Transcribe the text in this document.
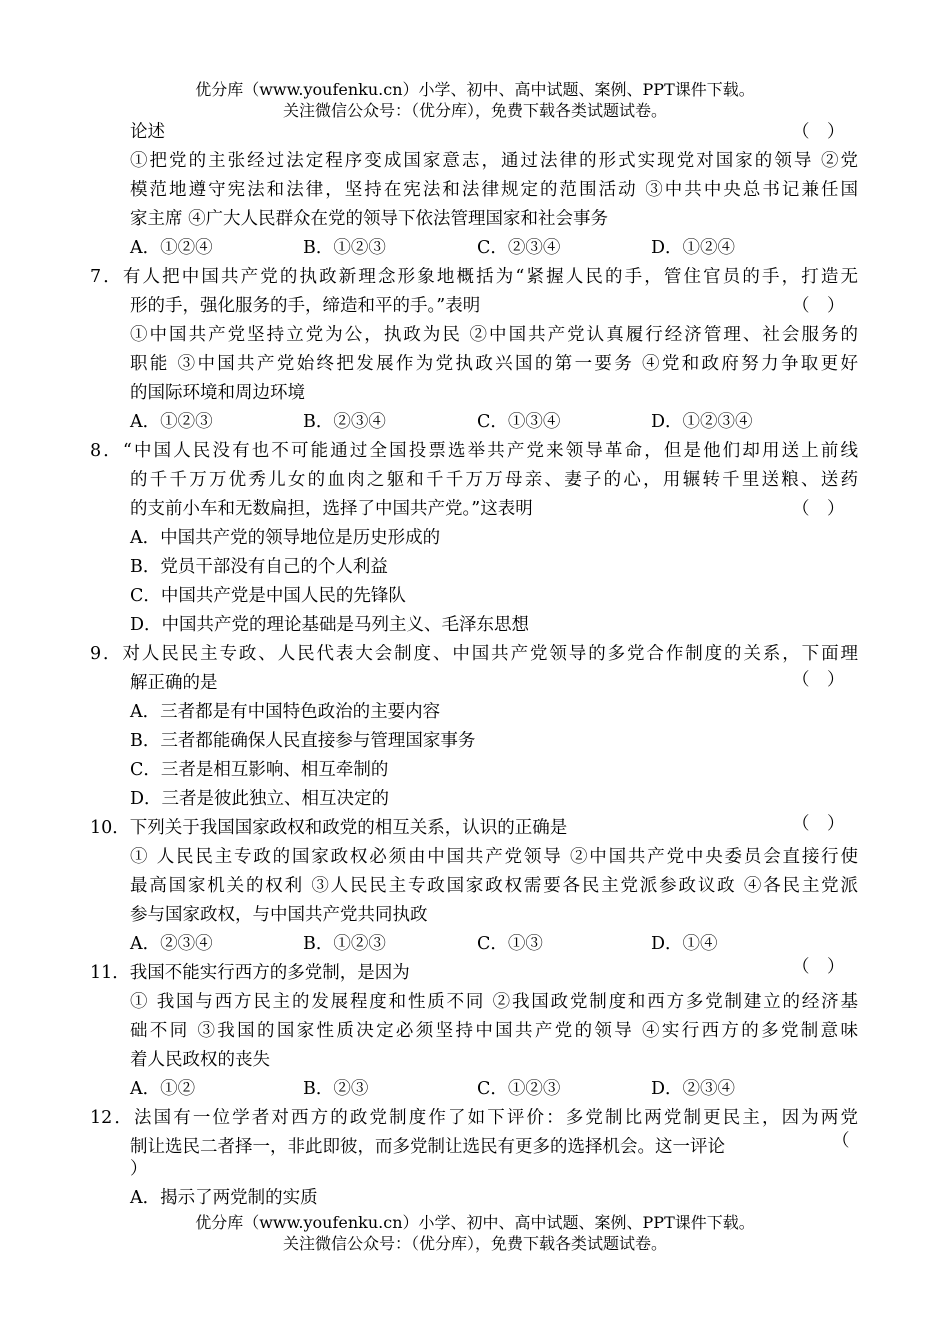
优分库（www.youfenku.cn）小学、初中、高中试题、案例、PPT课件下载。
关注微信公众号：（优分库），免费下载各类试题试卷。
论述	（　）
①把党的主张经过法定程序变成国家意志，通过法律的形式实现党对国家的领导 ②党
模范地遵守宪法和法律，坚持在宪法和法律规定的范围活动 ③中共中央总书记兼任国
家主席 ④广大人民群众在党的领导下依法管理国家和社会事务
A．①②④	B．①②③	C．②③④	D．①②④
7．有人把中国共产党的执政新理念形象地概括为“紧握人民的手，管住官员的手，打造无
形的手，强化服务的手，缔造和平的手。”表明	（　）
①中国共产党坚持立党为公，执政为民 ②中国共产党认真履行经济管理、社会服务的
职能 ③中国共产党始终把发展作为党执政兴国的第一要务 ④党和政府努力争取更好
的国际环境和周边环境
A．①②③	B．②③④	C．①③④	D．①②③④
8．“中国人民没有也不可能通过全国投票选举共产党来领导革命，但是他们却用送上前线
的千千万万优秀儿女的血肉之躯和千千万万母亲、妻子的心，用辗转千里送粮、送药
的支前小车和无数扁担，选择了中国共产党。”这表明	（　）
A．中国共产党的领导地位是历史形成的
B．党员干部没有自己的个人利益
C．中国共产党是中国人民的先锋队
D．中国共产党的理论基础是马列主义、毛泽东思想
9．对人民民主专政、人民代表大会制度、中国共产党领导的多党合作制度的关系，下面理
解正确的是	（　）
A．三者都是有中国特色政治的主要内容
B．三者都能确保人民直接参与管理国家事务
C．三者是相互影响、相互牵制的
D．三者是彼此独立、相互决定的
10．下列关于我国国家政权和政党的相互关系，认识的正确是	（　）
① 人民民主专政的国家政权必须由中国共产党领导 ②中国共产党中央委员会直接行使
最高国家机关的权利 ③人民民主专政国家政权需要各民主党派参政议政 ④各民主党派
参与国家政权，与中国共产党共同执政
A．②③④	B．①②③	C．①③	D．①④
11．我国不能实行西方的多党制，是因为	（　）
① 我国与西方民主的发展程度和性质不同 ②我国政党制度和西方多党制建立的经济基
础不同 ③我国的国家性质决定必须坚持中国共产党的领导 ④实行西方的多党制意味
着人民政权的丧失
A．①②	B．②③	C．①②③	D．②③④
12．法国有一位学者对西方的政党制度作了如下评价：多党制比两党制更民主，因为两党
制让选民二者择一，非此即彼，而多党制让选民有更多的选择机会。这一评论	（
）
A．揭示了两党制的实质
优分库（www.youfenku.cn）小学、初中、高中试题、案例、PPT课件下载。
关注微信公众号：（优分库），免费下载各类试题试卷。
